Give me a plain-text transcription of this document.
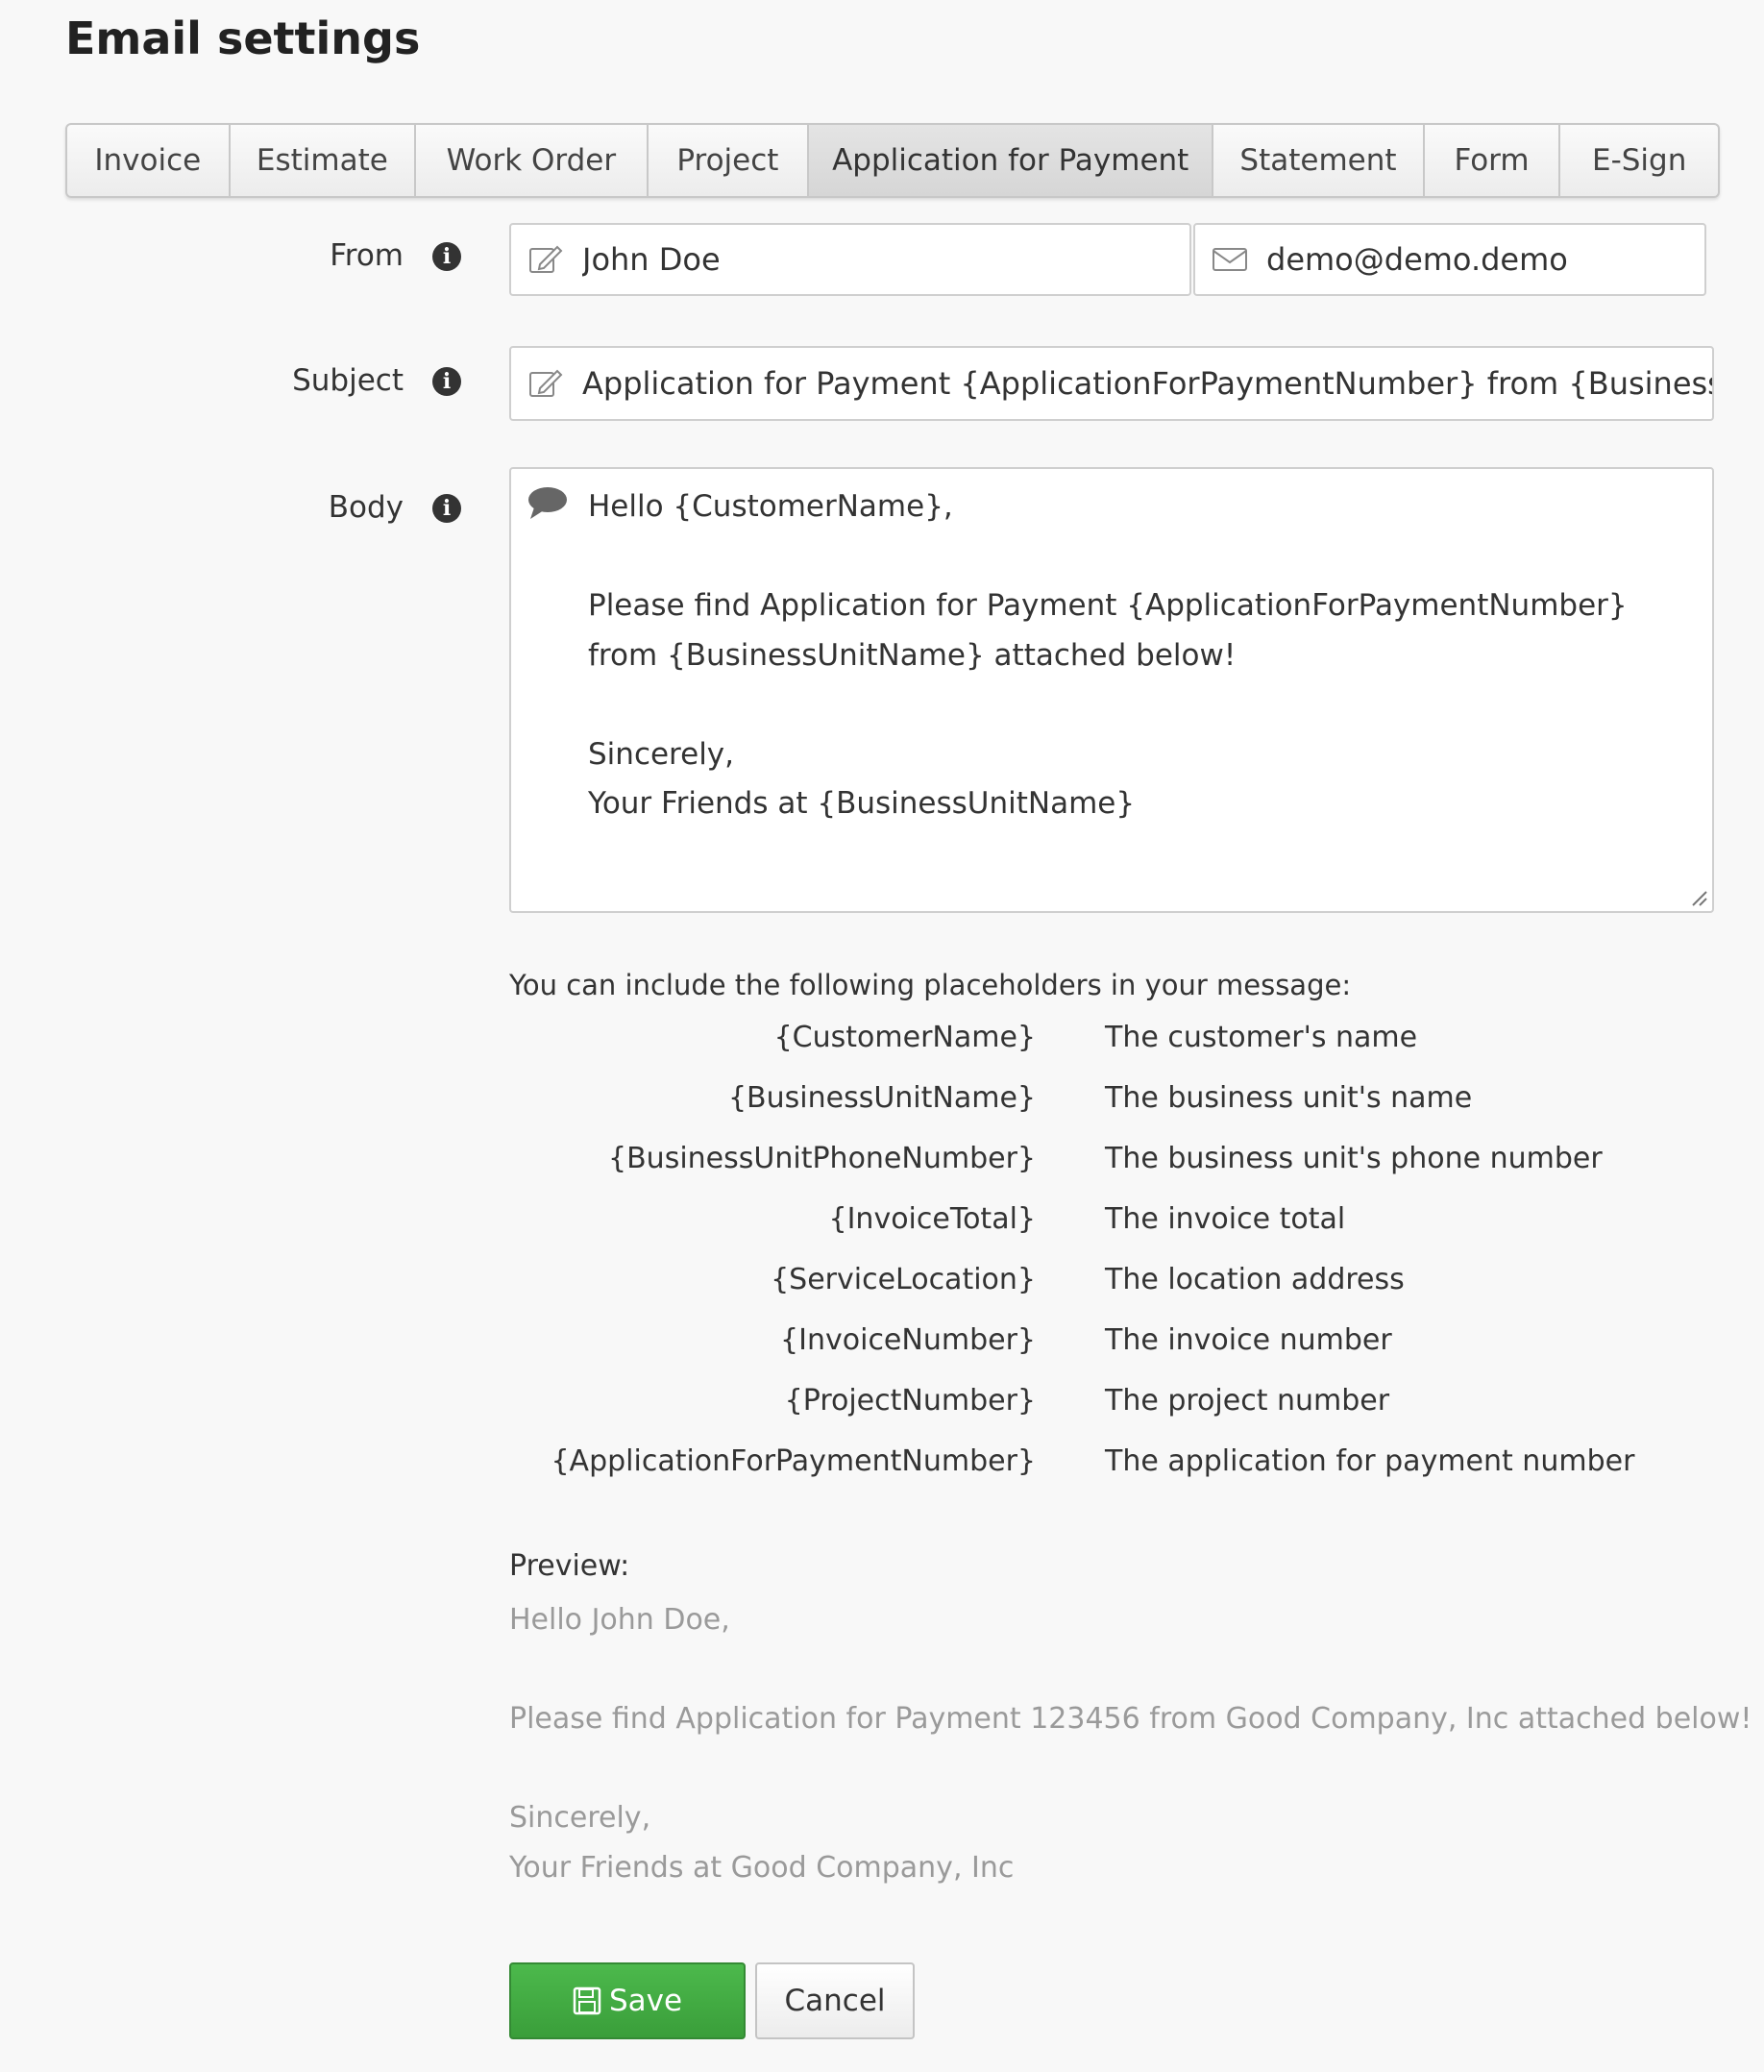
Email settings
Invoice	Estimate	Work Order	Project	Application for Payment	Statement	Form	E-Sign
From	i
John Doe
demo@demo.demo
Subject	i
Application for Payment {ApplicationForPaymentNumber} from {BusinessUnitName}
Body	i
Hello {CustomerName}, Please find Application for Payment {ApplicationForPaymentNumber} from {BusinessUnitName} attached below! Sincerely, Your Friends at {BusinessUnitName}
You can include the following placeholders in your message:
{CustomerName} The customer's name
{BusinessUnitName} The business unit's name
{BusinessUnitPhoneNumber} The business unit's phone number
{InvoiceTotal} The invoice total
{ServiceLocation} The location address
{InvoiceNumber} The invoice number
{ProjectNumber} The project number
{ApplicationForPaymentNumber} The application for payment number
Preview:
Hello John Doe,

Please find Application for Payment 123456 from Good Company, Inc attached below!

Sincerely,
Your Friends at Good Company, Inc
Save	Cancel
